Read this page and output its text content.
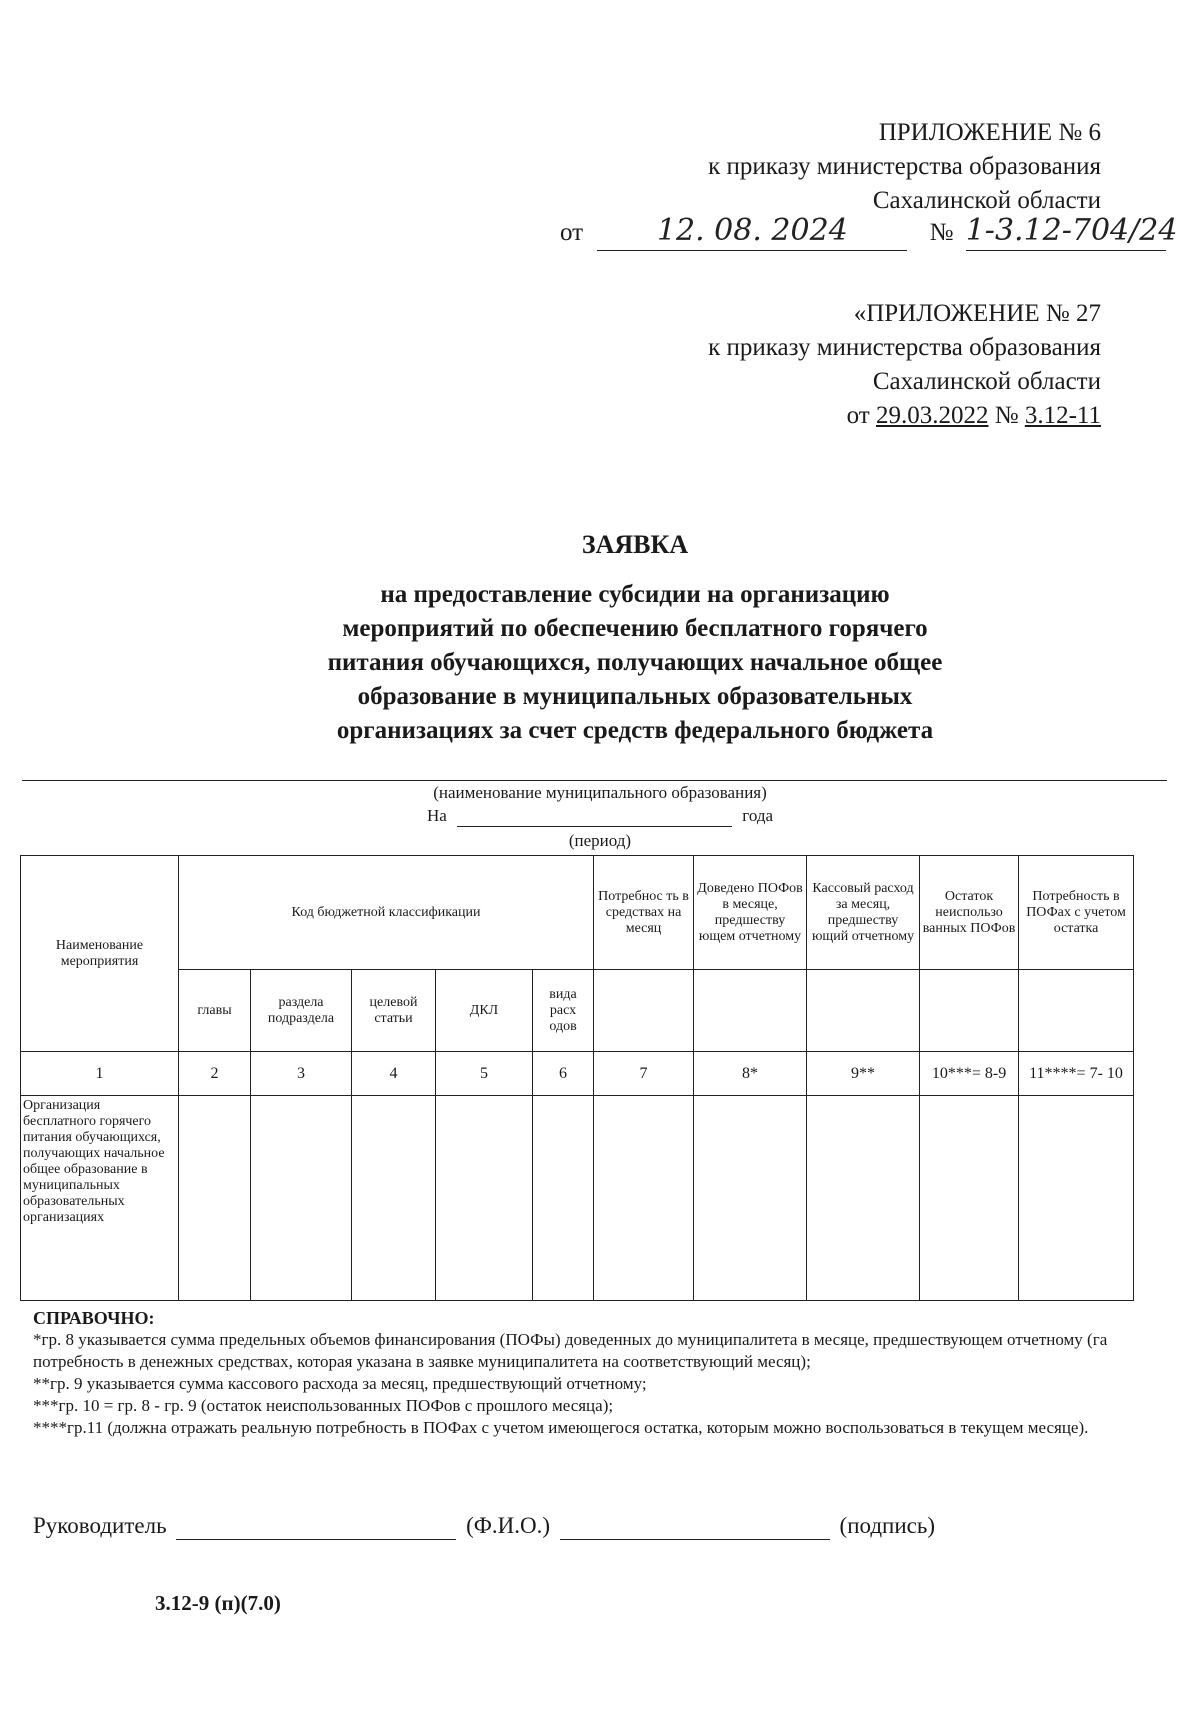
ПРИЛОЖЕНИЕ № 6
к приказу министерства образования
Сахалинской области
от 12. 08. 2024	№ 1-3.12-704/24
«ПРИЛОЖЕНИЕ № 27
к приказу министерства образования
Сахалинской области
от 29.03.2022 № 3.12-11
ЗАЯВКА
на предоставление субсидии на организацию
мероприятий по обеспечению бесплатного горячего
питания обучающихся, получающих начальное общее
образование в муниципальных образовательных
организациях за счет средств федерального бюджета
(наименование муниципального образования)
На	года
(период)
Наименование мероприятия	Код бюджетной классификации					Потребнос ть в средствах на месяц	Доведено ПОФов в месяце, предшеству ющем отчетному	Кассовый расход за месяц, предшеству ющий отчетному	Остаток неиспользо ванных ПОФов	Потребность в ПОФах с учетом остатка
	главы	раздела подраздела	целевой статьи	ДКЛ	вида расх одов					
1	2	3	4	5	6	7	8*	9**	10***= 8-9	11****= 7- 10
Организация бесплатного горячего питания обучающихся, получающих начальное общее образование в муниципальных образовательных организациях										

СПРАВОЧНО:

*гр. 8 указывается сумма предельных объемов финансирования (ПОФы) доведенных до муниципалитета в месяце, предшествующем отчетному (га потребность в денежных средствах, которая указана в заявке муниципалитета на соответствующий месяц);

**гр. 9 указывается сумма кассового расхода за месяц, предшествующий отчетному;

***гр. 10 = гр. 8 - гр. 9 (остаток неиспользованных ПОФов с прошлого месяца);

****гр.11 (должна отражать реальную потребность в ПОФах с учетом имеющегося остатка, которым можно воспользоваться в текущем месяце).

Руководитель	(Ф.И.О.)	(подпись)
3.12-9 (п)(7.0)
